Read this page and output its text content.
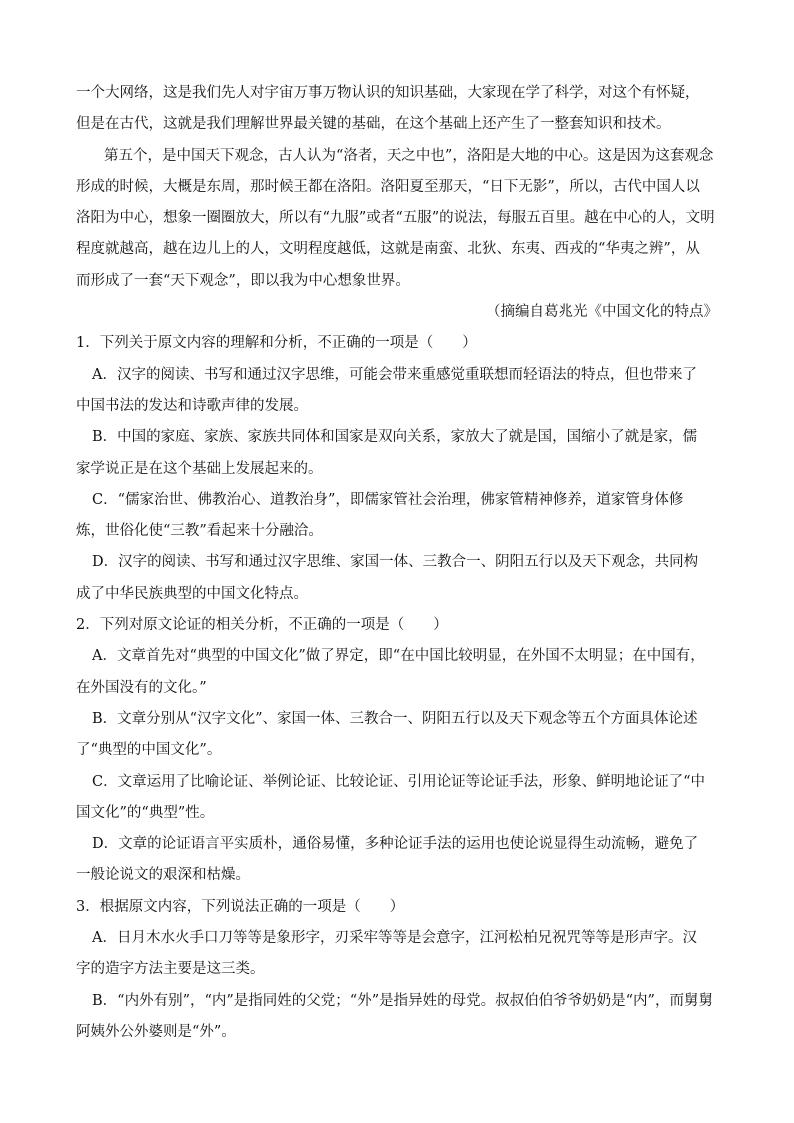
一个大网络，这是我们先人对宇宙万事万物认识的知识基础，大家现在学了科学，对这个有怀疑，
但是在古代，这就是我们理解世界最关键的基础，在这个基础上还产生了一整套知识和技术。
第五个，是中国天下观念，古人认为“洛者，天之中也”，洛阳是大地的中心。这是因为这套观念
形成的时候，大概是东周，那时候王都在洛阳。洛阳夏至那天，“日下无影”，所以，古代中国人以
洛阳为中心，想象一圈圈放大，所以有“九服”或者“五服”的说法，每服五百里。越在中心的人，文明
程度就越高，越在边儿上的人，文明程度越低，这就是南蛮、北狄、东夷、西戎的“华夷之辨”，从
而形成了一套“天下观念”，即以我为中心想象世界。
（摘编自葛兆光《中国文化的特点》
1．下列关于原文内容的理解和分析，不正确的一项是（　　）
A．汉字的阅读、书写和通过汉字思维，可能会带来重感觉重联想而轻语法的特点，但也带来了
中国书法的发达和诗歌声律的发展。
B．中国的家庭、家族、家族共同体和国家是双向关系，家放大了就是国，国缩小了就是家，儒
家学说正是在这个基础上发展起来的。
C．“儒家治世、佛教治心、道教治身”，即儒家管社会治理，佛家管精神修养，道家管身体修
炼，世俗化使“三教”看起来十分融洽。
D．汉字的阅读、书写和通过汉字思维、家国一体、三教合一、阴阳五行以及天下观念，共同构
成了中华民族典型的中国文化特点。
2．下列对原文论证的相关分析，不正确的一项是（　　）
A．文章首先对“典型的中国文化”做了界定，即“在中国比较明显，在外国不太明显；在中国有，
在外国没有的文化。”
B．文章分别从“汉字文化”、家国一体、三教合一、阴阳五行以及天下观念等五个方面具体论述
了“典型的中国文化”。
C．文章运用了比喻论证、举例论证、比较论证、引用论证等论证手法，形象、鲜明地论证了“中
国文化”的“典型”性。
D．文章的论证语言平实质朴，通俗易懂，多种论证手法的运用也使论说显得生动流畅，避免了
一般论说文的艰深和枯燥。
3．根据原文内容，下列说法正确的一项是（　　）
A．日月木水火手口刀等等是象形字，刃采牢等等是会意字，江河松柏兄祝咒等等是形声字。汉
字的造字方法主要是这三类。
B．“内外有别”，“内”是指同姓的父党；“外”是指异姓的母党。叔叔伯伯爷爷奶奶是“内”，而舅舅
阿姨外公外婆则是“外”。
